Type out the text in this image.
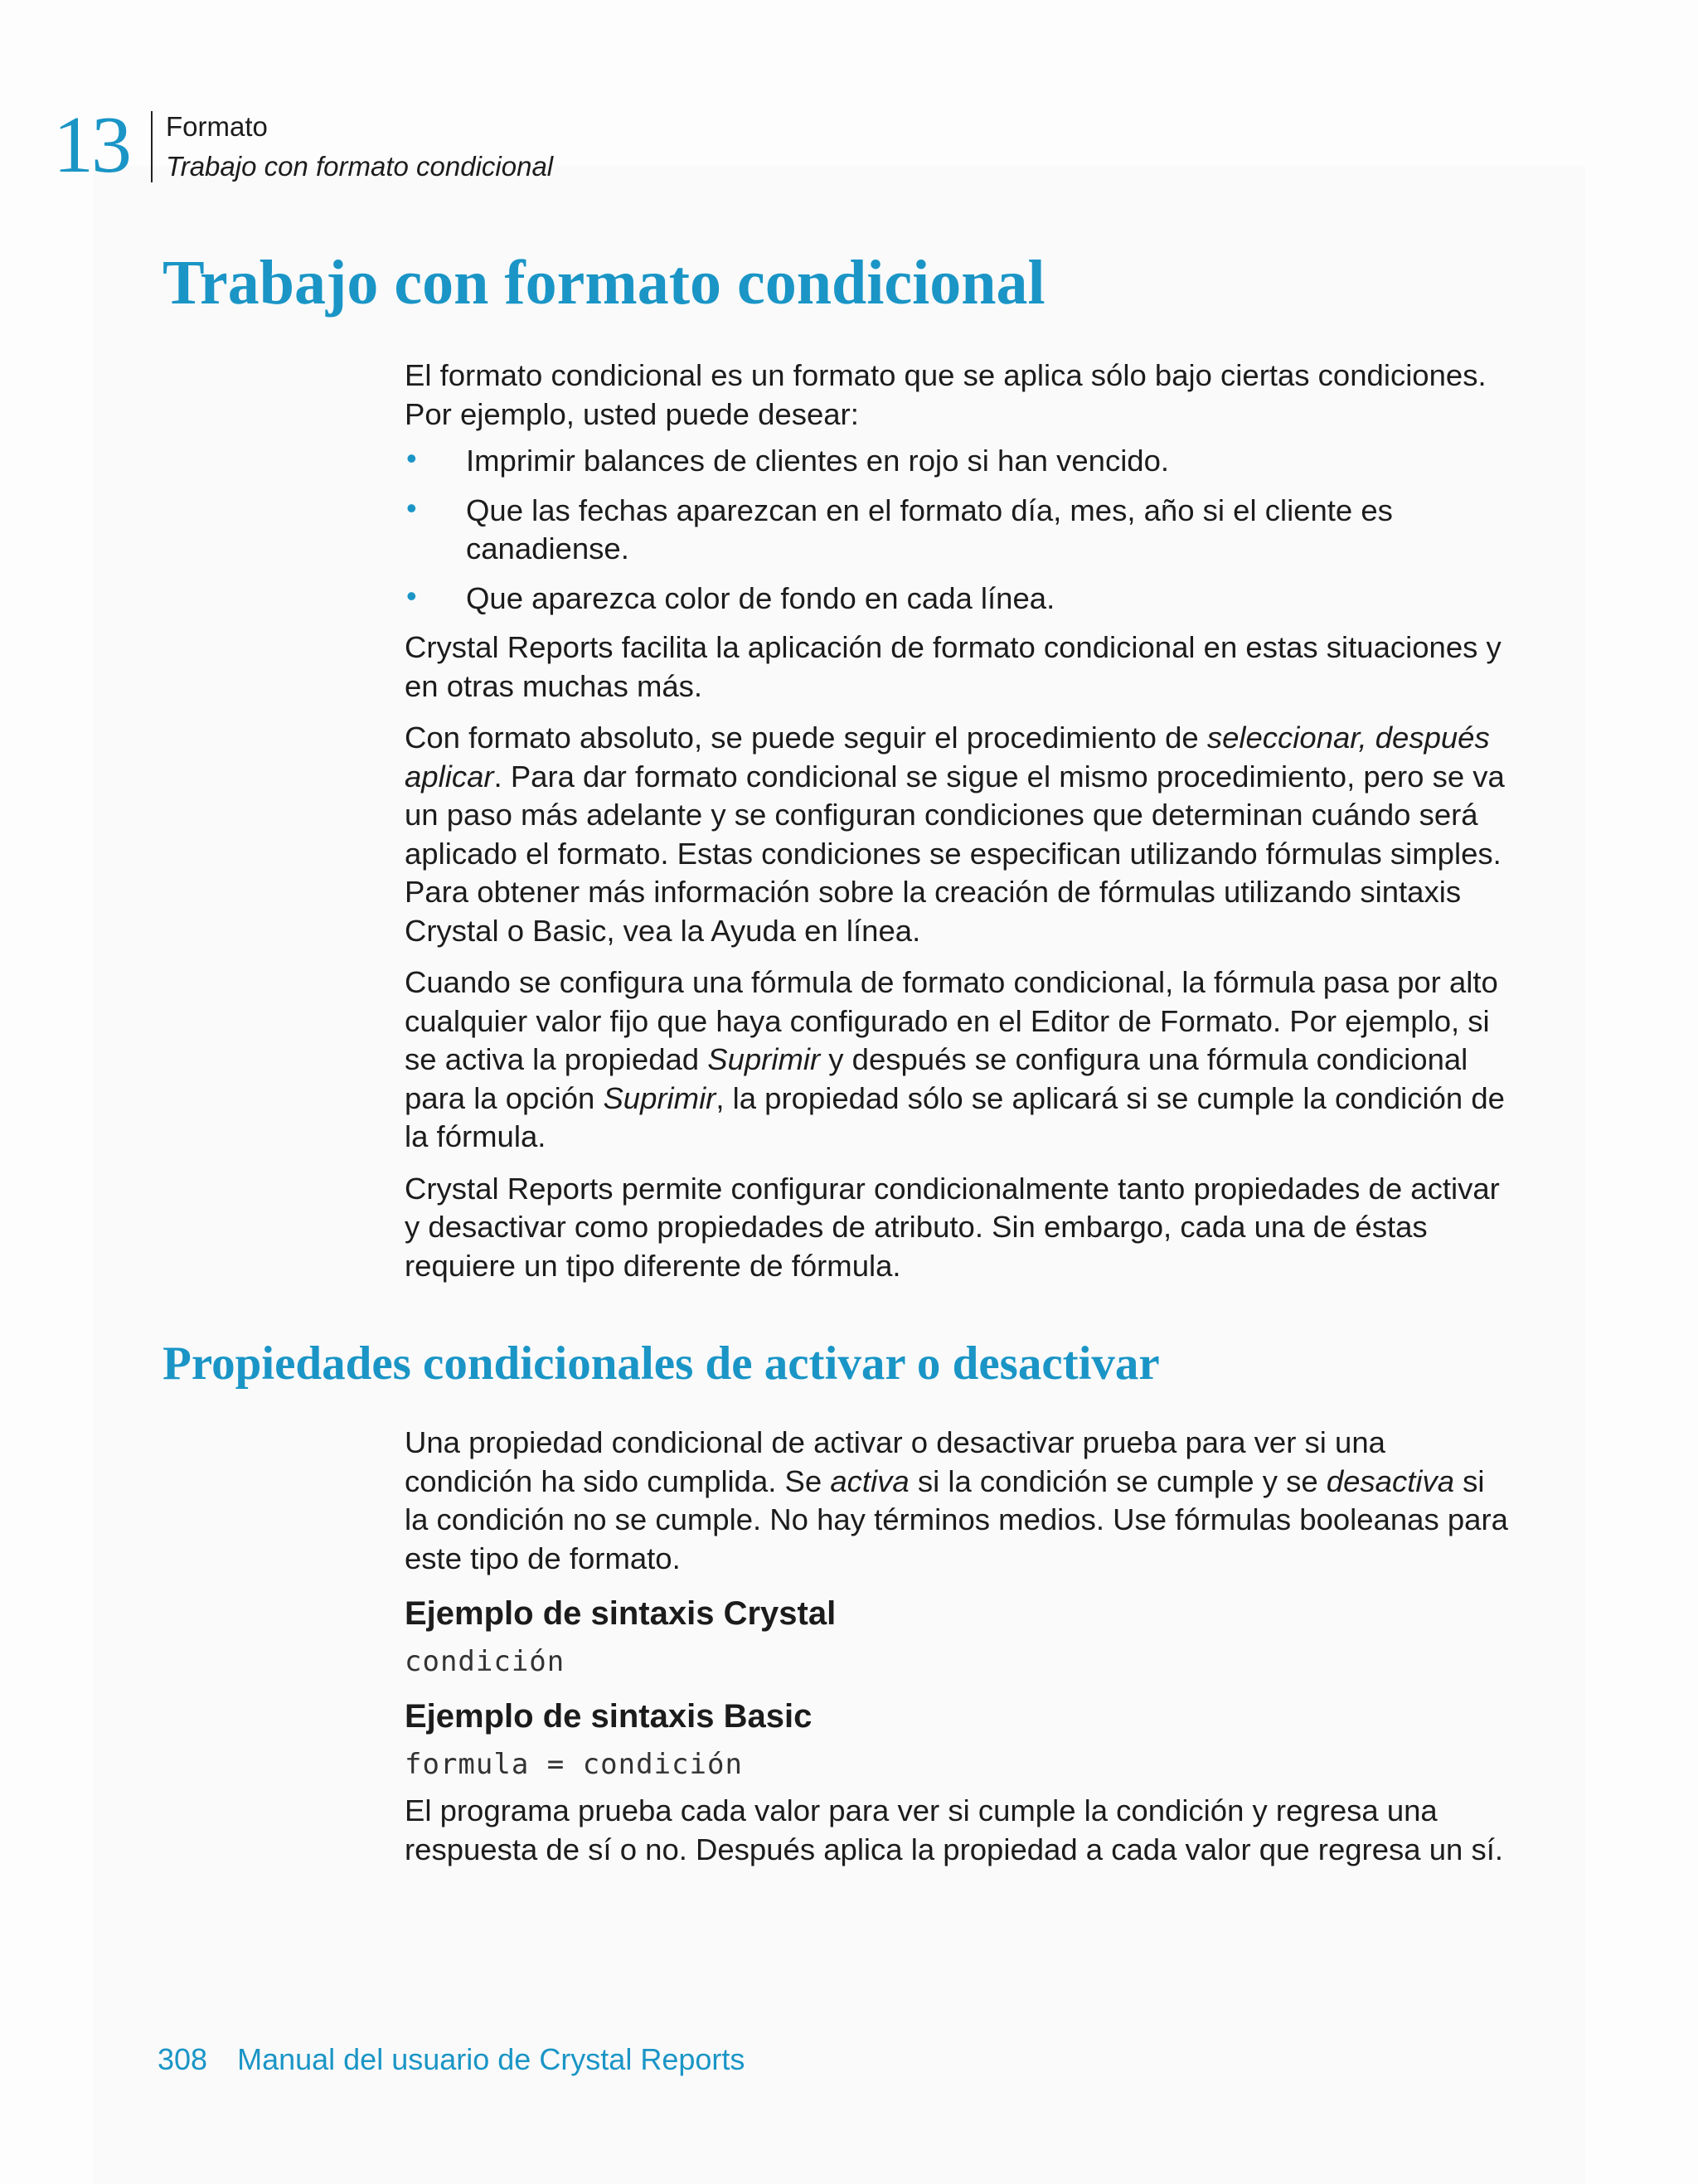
13 Formato
Trabajo con formato condicional
Trabajo con formato condicional

El formato condicional es un formato que se aplica sólo bajo ciertas condiciones. Por ejemplo, usted puede desear:

• Imprimir balances de clientes en rojo si han vencido.
• Que las fechas aparezcan en el formato día, mes, año si el cliente es canadiense.
• Que aparezca color de fondo en cada línea.

Crystal Reports facilita la aplicación de formato condicional en estas situaciones y en otras muchas más.

Con formato absoluto, se puede seguir el procedimiento de seleccionar, después aplicar. Para dar formato condicional se sigue el mismo procedimiento, pero se va un paso más adelante y se configuran condiciones que determinan cuándo será aplicado el formato. Estas condiciones se especifican utilizando fórmulas simples. Para obtener más información sobre la creación de fórmulas utilizando sintaxis Crystal o Basic, vea la Ayuda en línea.

Cuando se configura una fórmula de formato condicional, la fórmula pasa por alto cualquier valor fijo que haya configurado en el Editor de Formato. Por ejemplo, si se activa la propiedad Suprimir y después se configura una fórmula condicional para la opción Suprimir, la propiedad sólo se aplicará si se cumple la condición de la fórmula.

Crystal Reports permite configurar condicionalmente tanto propiedades de activar y desactivar como propiedades de atributo. Sin embargo, cada una de éstas requiere un tipo diferente de fórmula.

Propiedades condicionales de activar o desactivar

Una propiedad condicional de activar o desactivar prueba para ver si una condición ha sido cumplida. Se activa si la condición se cumple y se desactiva si la condición no se cumple. No hay términos medios. Use fórmulas booleanas para este tipo de formato.

Ejemplo de sintaxis Crystal
condición
Ejemplo de sintaxis Basic
formula = condición

El programa prueba cada valor para ver si cumple la condición y regresa una respuesta de sí o no. Después aplica la propiedad a cada valor que regresa un sí.

308 Manual del usuario de Crystal Reports
